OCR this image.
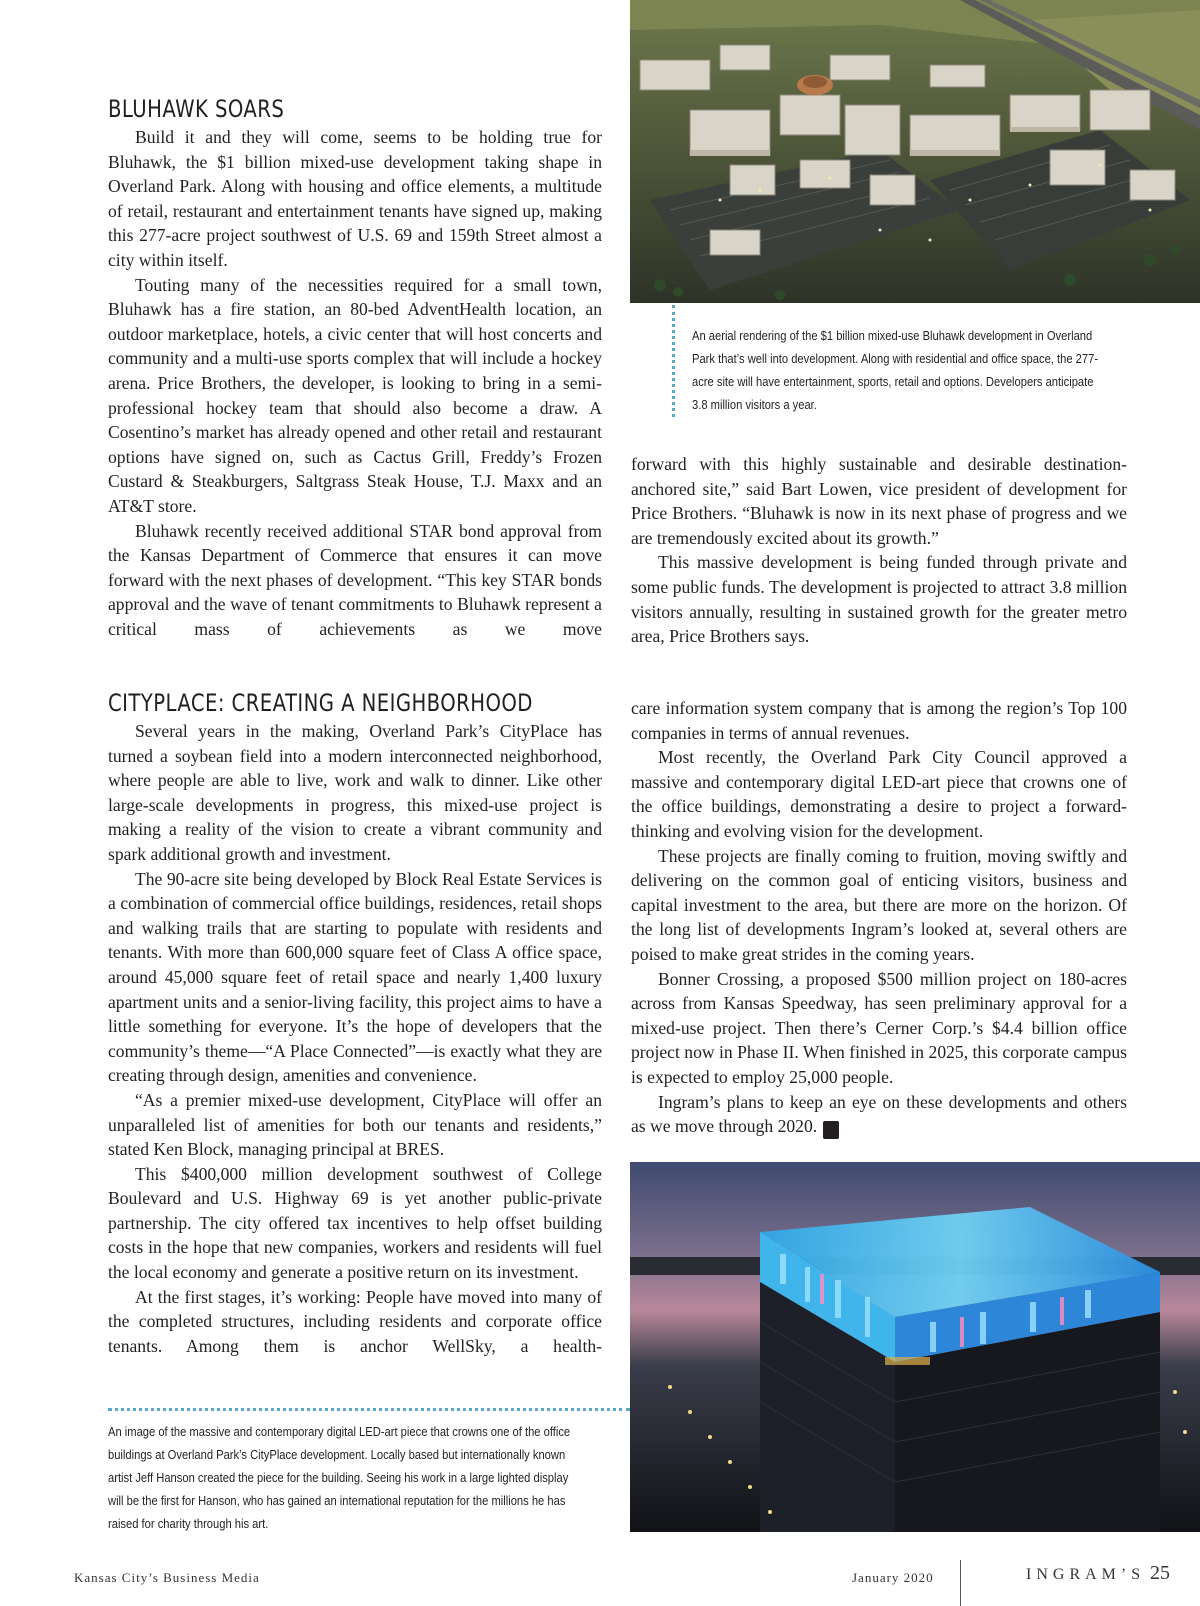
BLUHAWK SOARS

Build it and they will come, seems to be holding true for Bluhawk, the $1 billion mixed-use development taking shape in Overland Park. Along with housing and office elements, a multitude of retail, restaurant and entertainment tenants have signed up, making this 277-acre project southwest of U.S. 69 and 159th Street almost a city within itself.

Touting many of the necessities required for a small town, Bluhawk has a fire station, an 80-bed AdventHealth location, an outdoor marketplace, hotels, a civic center that will host concerts and community and a multi-use sports complex that will include a hockey arena. Price Brothers, the developer, is looking to bring in a semi-professional hockey team that should also become a draw. A Cosentino’s market has already opened and other retail and restaurant options have signed on, such as Cactus Grill, Freddy’s Frozen Custard & Steakburgers, Saltgrass Steak House, T.J. Maxx and an AT&T store.

Bluhawk recently received additional STAR bond approval from the Kansas Department of Commerce that ensures it can move forward with the next phases of development. “This key STAR bonds approval and the wave of tenant commitments to Bluhawk represent a critical mass of achievements as we move

An aerial rendering of the $1 billion mixed-use Bluhawk development in Overland Park that’s well into development. Along with residential and office space, the 277-acre site will have entertainment, sports, retail and options. Developers anticipate 3.8 million visitors a year.

forward with this highly sustainable and desirable destination-anchored site,” said Bart Lowen, vice president of development for Price Brothers. “Bluhawk is now in its next phase of progress and we are tremendously excited about its growth.”

This massive development is being funded through private and some public funds. The development is projected to attract 3.8 million visitors annually, resulting in sustained growth for the greater metro area, Price Brothers says.

CITYPLACE: CREATING A NEIGHBORHOOD

Several years in the making, Overland Park’s CityPlace has turned a soybean field into a modern interconnected neighborhood, where people are able to live, work and walk to dinner. Like other large-scale developments in progress, this mixed-use project is making a reality of the vision to create a vibrant community and spark additional growth and investment.

The 90-acre site being developed by Block Real Estate Services is a combination of commercial office buildings, residences, retail shops and walking trails that are starting to populate with residents and tenants. With more than 600,000 square feet of Class A office space, around 45,000 square feet of retail space and nearly 1,400 luxury apartment units and a senior-living facility, this project aims to have a little something for everyone. It’s the hope of developers that the community’s theme—“A Place Connected”—is exactly what they are creating through design, amenities and convenience.

“As a premier mixed-use development, CityPlace will offer an unparalleled list of amenities for both our tenants and residents,” stated Ken Block, managing principal at BRES.

This $400,000 million development southwest of College Boulevard and U.S. Highway 69 is yet another public-private partnership. The city offered tax incentives to help offset building costs in the hope that new companies, workers and residents will fuel the local economy and generate a positive return on its investment.

At the first stages, it’s working: People have moved into many of the completed structures, including residents and corporate office tenants. Among them is anchor WellSky, a health-

care information system company that is among the region’s Top 100 companies in terms of annual revenues.

Most recently, the Overland Park City Council approved a massive and contemporary digital LED-art piece that crowns one of the office buildings, demonstrating a desire to project a forward-thinking and evolving vision for the development.

These projects are finally coming to fruition, moving swiftly and delivering on the common goal of enticing visitors, business and capital investment to the area, but there are more on the horizon. Of the long list of developments Ingram’s looked at, several others are poised to make great strides in the coming years.

Bonner Crossing, a proposed $500 million project on 180-acres across from Kansas Speedway, has seen preliminary approval for a mixed-use project. Then there’s Cerner Corp.’s $4.4 billion office project now in Phase II. When finished in 2025, this corporate campus is expected to employ 25,000 people.

Ingram’s plans to keep an eye on these developments and others as we move through 2020.	I

An image of the massive and contemporary digital LED-art piece that crowns one of the office buildings at Overland Park’s CityPlace development. Locally based but internationally known artist Jeff Hanson created the piece for the building. Seeing his work in a large lighted display will be the first for Hanson, who has gained an international reputation for the millions he has raised for charity through his art.
Kansas City’s Business Media	January 2020	INGRAM’S 25
